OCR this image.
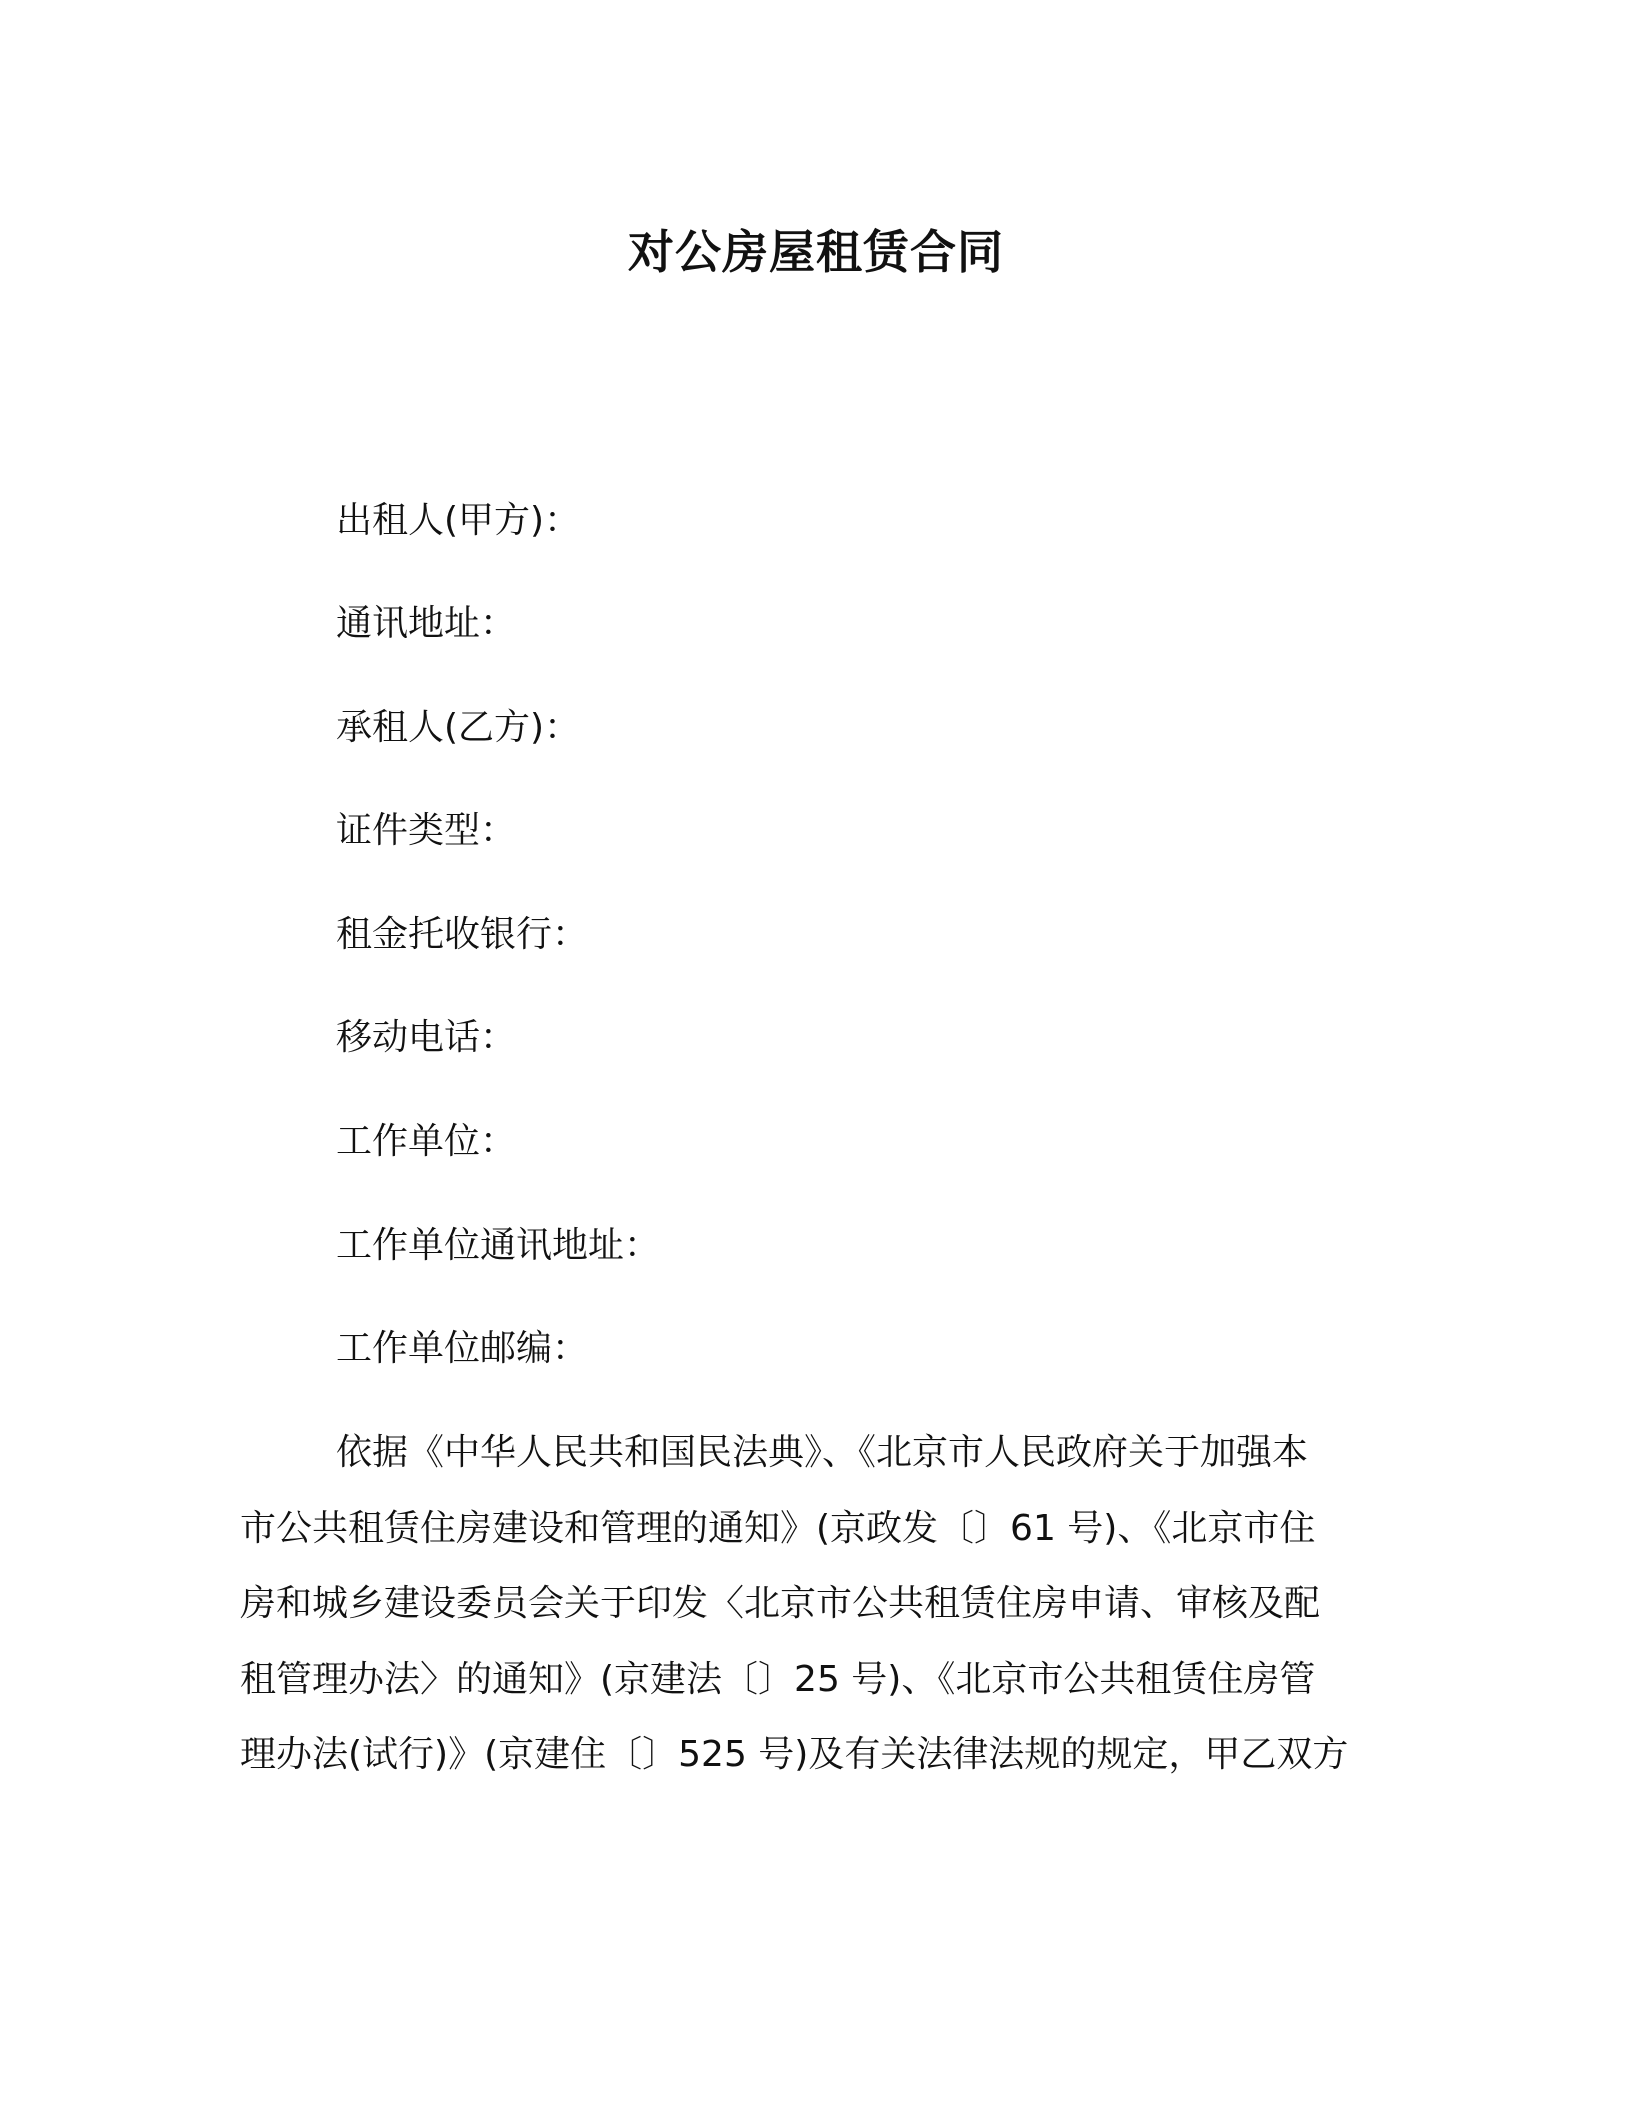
对公房屋租赁合同
出租人(甲方)：
通讯地址：
承租人(乙方)：
证件类型：
租金托收银行：
移动电话：
工作单位：
工作单位通讯地址：
工作单位邮编：
依据《中华人民共和国民法典》、《北京市人民政府关于加强本
市公共租赁住房建设和管理的通知》(京政发〔〕61 号)、《北京市住
房和城乡建设委员会关于印发〈北京市公共租赁住房申请、审核及配
租管理办法〉的通知》(京建法〔〕25 号)、《北京市公共租赁住房管
理办法(试行)》(京建住〔〕525 号)及有关法律法规的规定，甲乙双方
